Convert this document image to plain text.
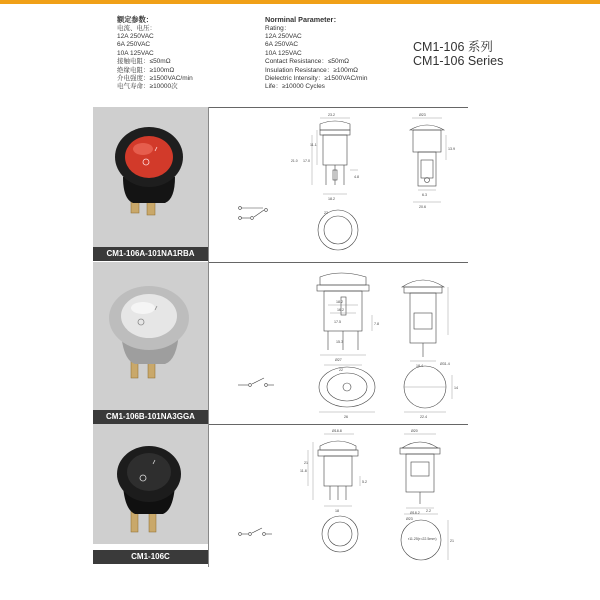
额定参数：
电流、电压：
12A 250VAC
6A 250VAC
10A 125VAC
接触电阻：≤50mΩ
绝缘电阻：≥100mΩ
介电强度：≥1500VAC/min
电气寿命：≥10000次
Norminal Parameter：
Rating：
12A 250VAC
6A 250VAC
10A 125VAC
Contact Resistance：≤50mΩ
Insulation Resistance：≥100mΩ
Dielectric Intensity：≥1500VAC/min
Life：≥10000 Cycles
CM1-106 系列
CM1-106 Series
CM1-106A-101NA1RBA
23.2
17.0
11.1
4.8
18.2
Ø23
13.9
6.3
20.6
22
21.0
CM1-106B-101NA3GGA
18.2
16.2
17.5
15.3
7.8
Ø27
22
18.4
26
Ø31.4
22.4
14
CM1-106C
Ø18.8
11.8
21
5.2
18
Ø20
Ø18.2 2.2
Ø23
r11.25(r=22.5mm)	21
